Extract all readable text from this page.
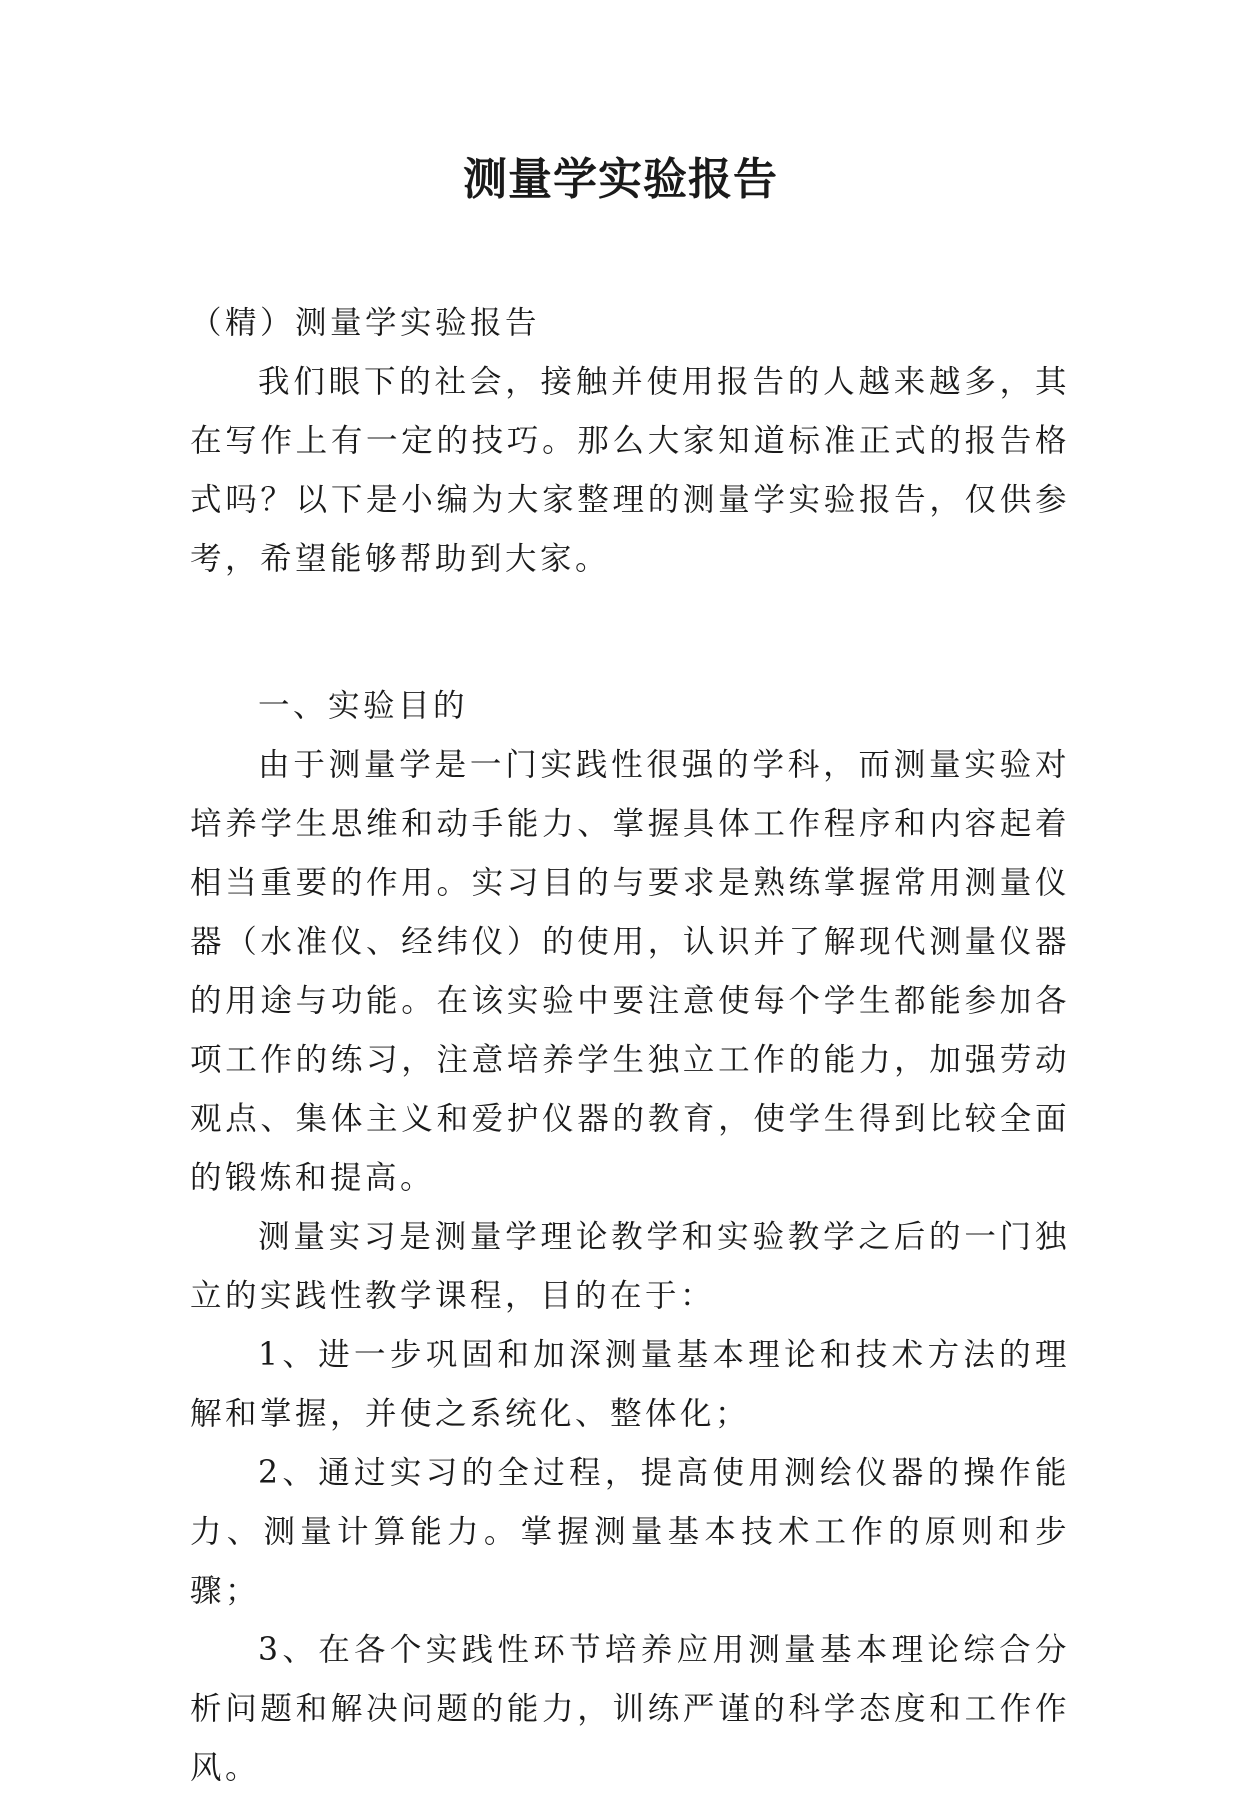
测量学实验报告

（精）测量学实验报告

我们眼下的社会，接触并使用报告的人越来越多，其在写作上有一定的技巧。那么大家知道标准正式的报告格式吗？以下是小编为大家整理的测量学实验报告，仅供参考，希望能够帮助到大家。

一、实验目的

由于测量学是一门实践性很强的学科，而测量实验对培养学生思维和动手能力、掌握具体工作程序和内容起着相当重要的作用。实习目的与要求是熟练掌握常用测量仪器（水准仪、经纬仪）的使用，认识并了解现代测量仪器的用途与功能。在该实验中要注意使每个学生都能参加各项工作的练习，注意培养学生独立工作的能力，加强劳动观点、集体主义和爱护仪器的教育，使学生得到比较全面的锻炼和提高。

测量实习是测量学理论教学和实验教学之后的一门独立的实践性教学课程，目的在于：

1、进一步巩固和加深测量基本理论和技术方法的理解和掌握，并使之系统化、整体化；

2、通过实习的全过程，提高使用测绘仪器的操作能力、测量计算能力。掌握测量基本技术工作的原则和步骤；

3、在各个实践性环节培养应用测量基本理论综合分析问题和解决问题的能力，训练严谨的科学态度和工作作风。
